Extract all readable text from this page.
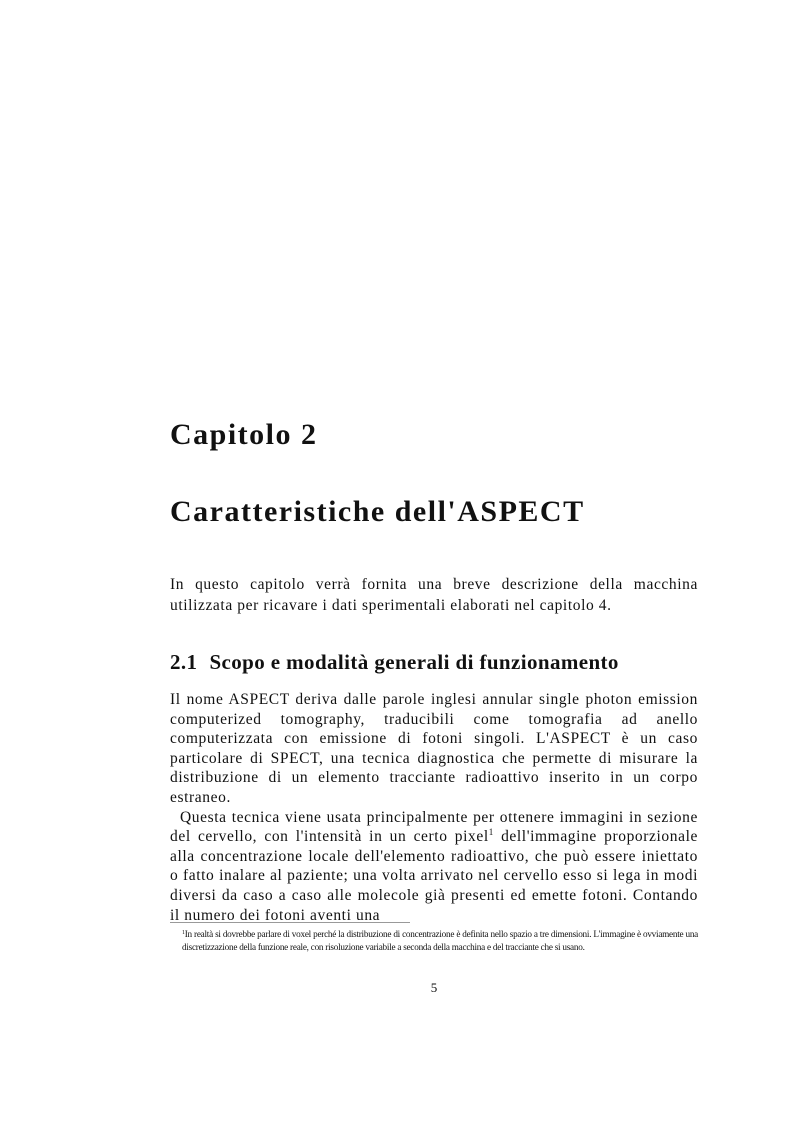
Capitolo 2
Caratteristiche dell'ASPECT

In questo capitolo verrà fornita una breve descrizione della macchina utilizzata per ricavare i dati sperimentali elaborati nel capitolo 4.

2.1 Scopo e modalità generali di funzionamento

Il nome ASPECT deriva dalle parole inglesi annular single photon emission computerized tomography, traducibili come tomografia ad anello computerizzata con emissione di fotoni singoli. L'ASPECT è un caso particolare di SPECT, una tecnica diagnostica che permette di misurare la distribuzione di un elemento tracciante radioattivo inserito in un corpo estraneo.

Questa tecnica viene usata principalmente per ottenere immagini in sezione del cervello, con l'intensità in un certo pixel$^1$ dell'immagine proporzionale alla concentrazione locale dell'elemento radioattivo, che può essere iniettato o fatto inalare al paziente; una volta arrivato nel cervello esso si lega in modi diversi da caso a caso alle molecole già presenti ed emette fotoni. Contando il numero dei fotoni aventi una

$^1$In realtà si dovrebbe parlare di voxel perché la distribuzione di concentrazione è definita nello spazio a tre dimensioni. L'immagine è ovviamente una discretizzazione della funzione reale, con risoluzione variabile a seconda della macchina e del tracciante che si usano.

5
